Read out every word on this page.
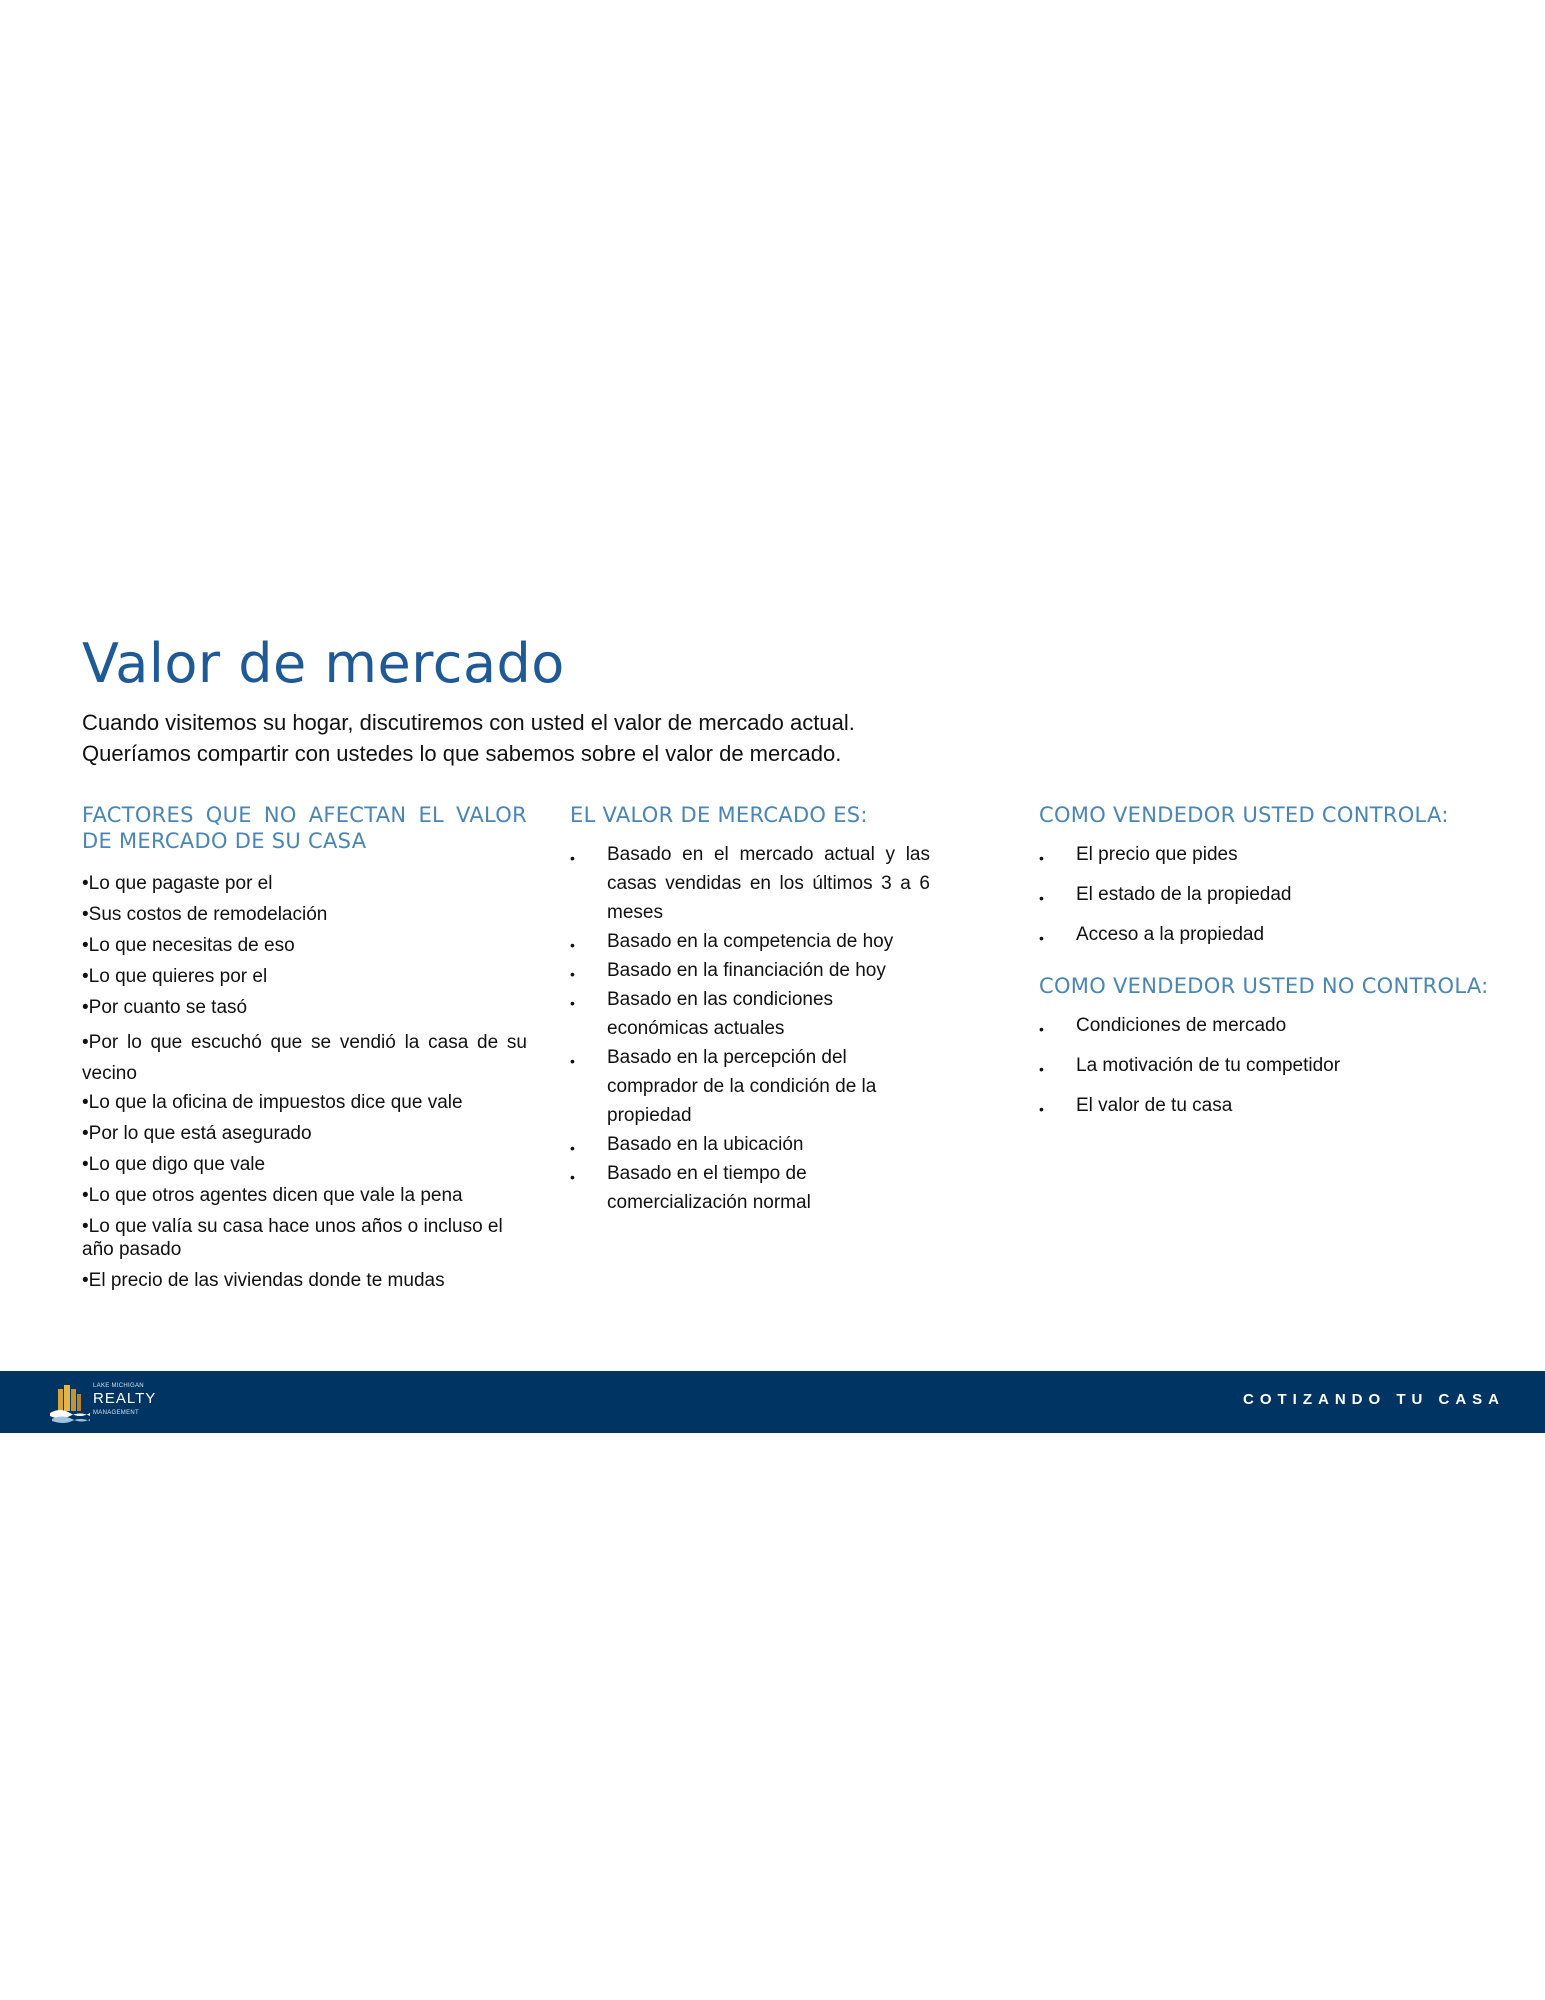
Valor de mercado

Cuando visitemos su hogar, discutiremos con usted el valor de mercado actual.

Queríamos compartir con ustedes lo que sabemos sobre el valor de mercado.

FACTORES QUE NO AFECTAN EL VALOR DE MERCADO DE SU CASA
•Lo que pagaste por el
•Sus costos de remodelación
•Lo que necesitas de eso
•Lo que quieres por el
•Por cuanto se tasó
•Por lo que escuchó que se vendió la casa de su vecino
•Lo que la oficina de impuestos dice que vale
•Por lo que está asegurado
•Lo que digo que vale
•Lo que otros agentes dicen que vale la pena
•Lo que valía su casa hace unos años o incluso el año pasado
•El precio de las viviendas donde te mudas
EL VALOR DE MERCADO ES:
• Basado en el mercado actual y las casas vendidas en los últimos 3 a 6 meses
• Basado en la competencia de hoy
• Basado en la financiación de hoy
• Basado en las condiciones económicas actuales
• Basado en la percepción del comprador de la condición de la propiedad
• Basado en la ubicación
• Basado en el tiempo de comercialización normal
COMO VENDEDOR USTED CONTROLA:
• El precio que pides
• El estado de la propiedad
• Acceso a la propiedad
COMO VENDEDOR USTED NO CONTROLA:
• Condiciones de mercado
• La motivación de tu competidor
• El valor de tu casa
LAKE MICHIGAN
REALTY
MANAGEMENT
COTIZANDO TU CASA
